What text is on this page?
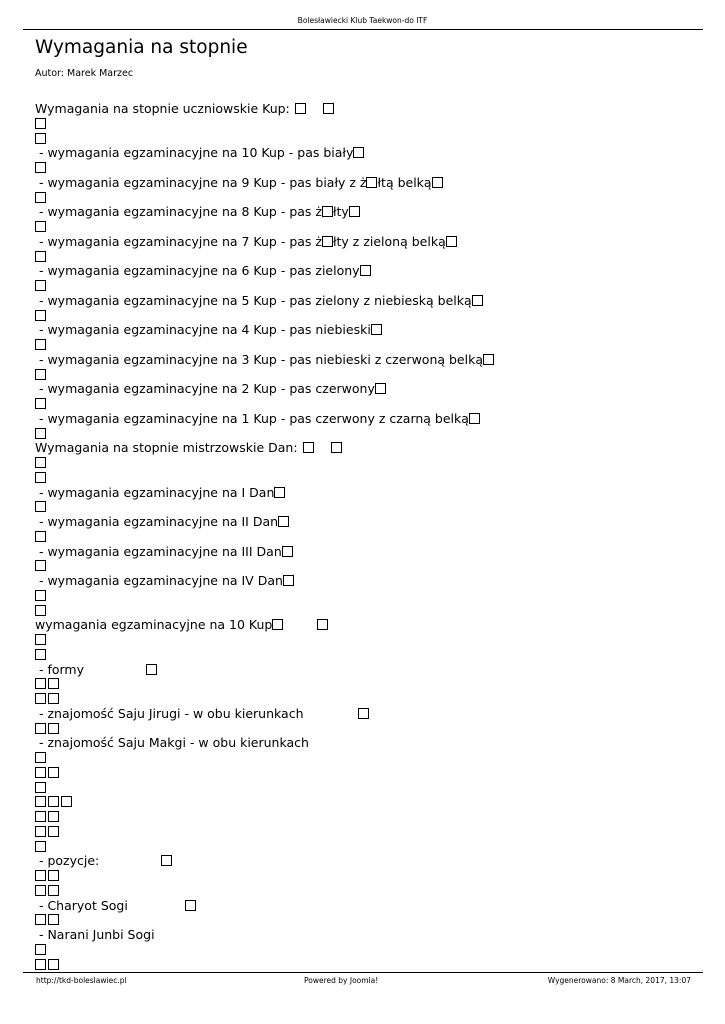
Bolesławiecki Klub Taekwon-do ITF
Wymagania na stopnie
Autor: Marek Marzec
Wymagania na stopnie uczniowskie Kup:
- wymagania egzaminacyjne na 10 Kup - pas biały
- wymagania egzaminacyjne na 9 Kup - pas biały z ż łtą belką
- wymagania egzaminacyjne na 8 Kup - pas ż łty
- wymagania egzaminacyjne na 7 Kup - pas ż łty z zieloną belką
- wymagania egzaminacyjne na 6 Kup - pas zielony
- wymagania egzaminacyjne na 5 Kup - pas zielony z niebieską belką
- wymagania egzaminacyjne na 4 Kup - pas niebieski
- wymagania egzaminacyjne na 3 Kup - pas niebieski z czerwoną belką
- wymagania egzaminacyjne na 2 Kup - pas czerwony
- wymagania egzaminacyjne na 1 Kup - pas czerwony z czarną belką
Wymagania na stopnie mistrzowskie Dan:
- wymagania egzaminacyjne na I Dan
- wymagania egzaminacyjne na II Dan
- wymagania egzaminacyjne na III Dan
- wymagania egzaminacyjne na IV Dan
wymagania egzaminacyjne na 10 Kup
- formy
- znajomość Saju Jirugi - w obu kierunkach
- znajomość Saju Makgi - w obu kierunkach
- pozycje:
- Charyot Sogi
- Narani Junbi Sogi
http://tkd-boleslawiec.pl	Powered by Joomla!	Wygenerowano: 8 March, 2017, 13:07
